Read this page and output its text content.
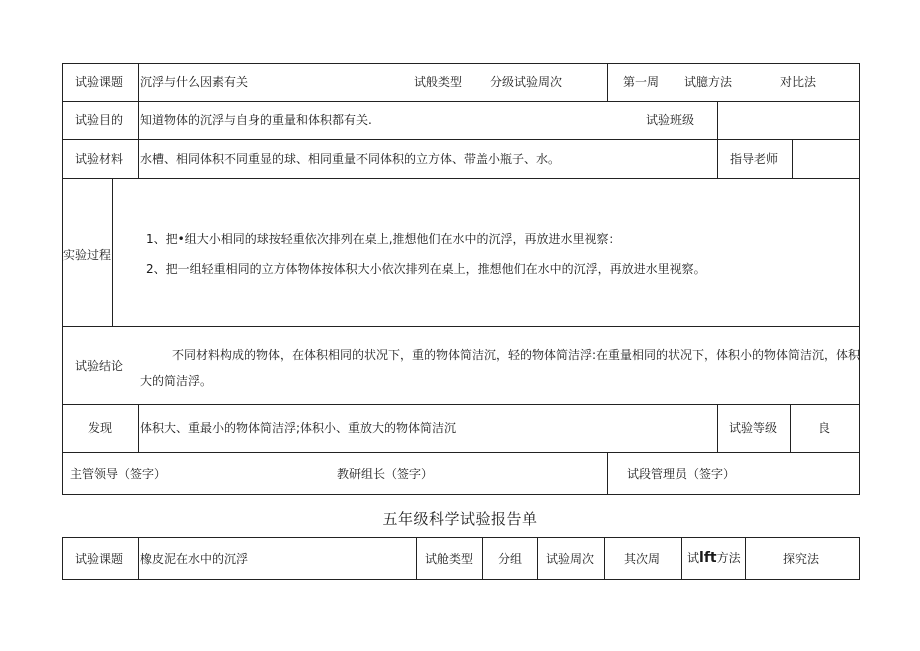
试验课题 沉浮与什么因素有关	试般类型 分级试验周次	第一周 试臆方法	对比法
试验目的 知道物体的沉浮与自身的重量和体积都有关.	试验班级
试验材料 水槽、相同体积不同重显的球、相同重量不同体积的立方体、带盖小瓶子、水。	指导老师
实验过程
1、把•组大小相同的球按轻重依次排列在桌上,推想他们在水中的沉浮，再放进水里视察：
2、把一组轻重相同的立方体物体按体积大小依次排列在桌上，推想他们在水中的沉浮，再放进水里视察。
试验结论
不同材料构成的物体，在体积相同的状况下，重的物体简洁沉，轻的物体简洁浮:在重量相同的状况下，体积小的物体简洁沉，体积
大的简洁浮。
发现 体积大、重最小的物体简洁浮;体积小、重放大的物体简洁沉	试验等级	良
主管领导（签字）	教研组长（签字）	试段管理员（签字）
五年级科学试验报告单
试验课题 橡皮泥在水中的沉浮	试舱类型 分组 试验周次 其次周 试lft方法	探究法
